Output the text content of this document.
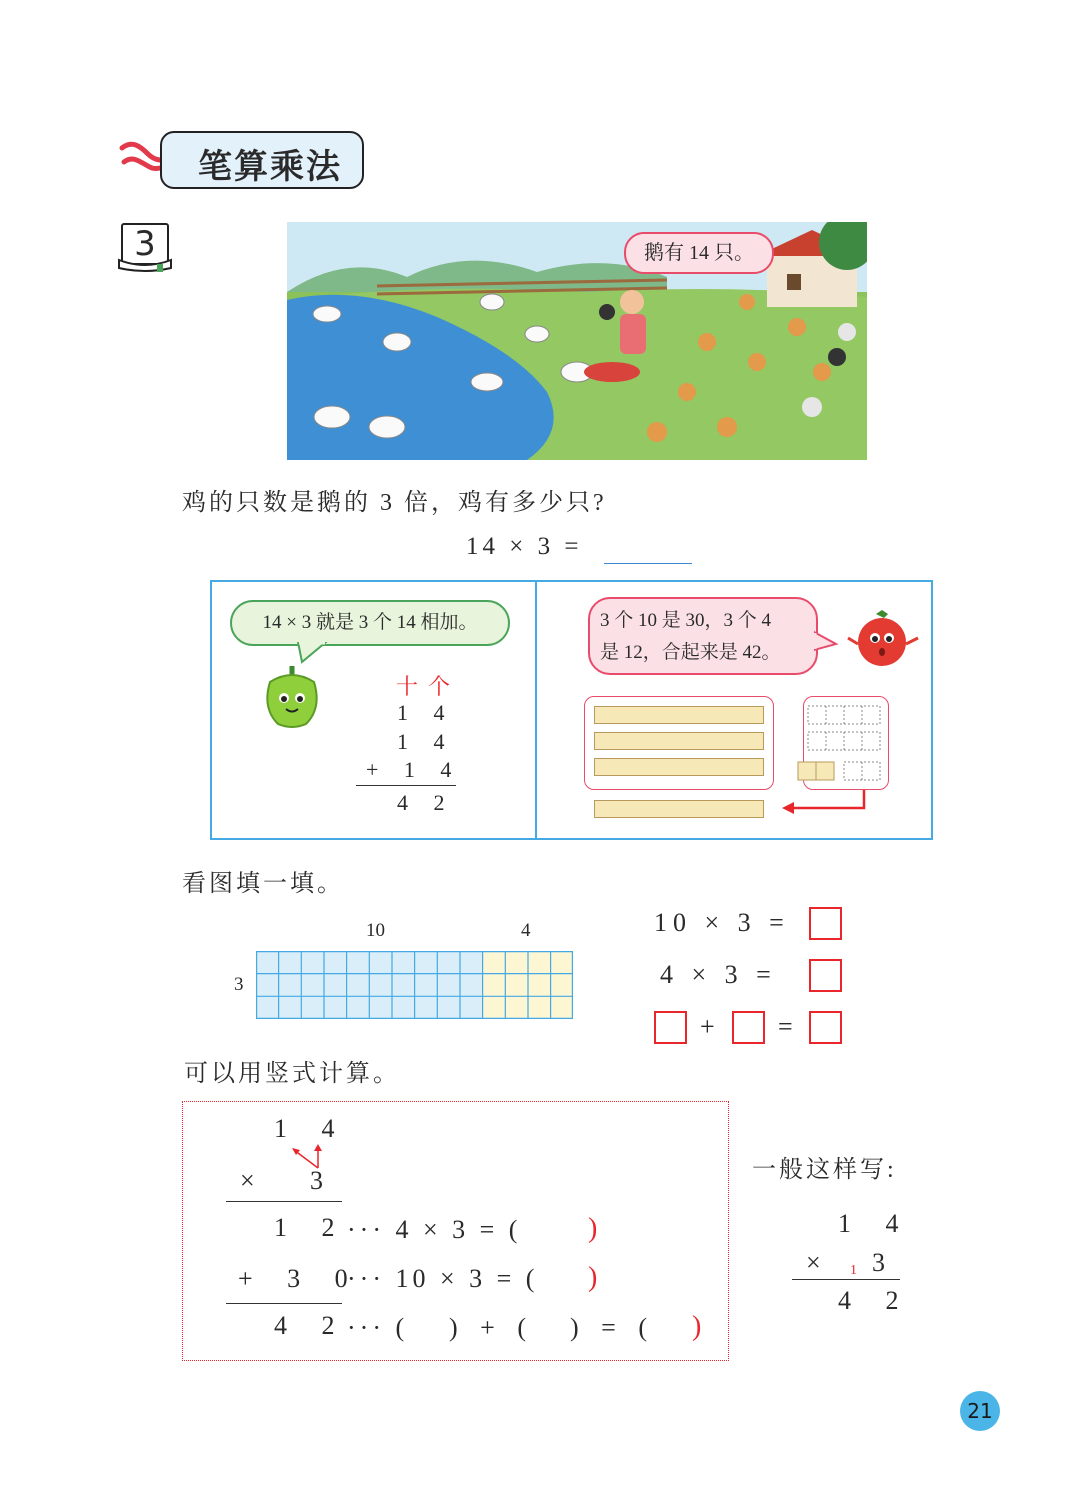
笔算乘法
3	鹅有 14 只。
鸡的只数是鹅的 3 倍，鸡有多少只?
14 × 3 =
14 × 3 就是 3 个 14 相加。
十 个
1 4
1 4
+ 1 4
4 2
3 个 10 是 30，3 个 4
是 12，合起来是 42。
看图填一填。
10	4
3
10 × 3 =
4 × 3 =
+ =
可以用竖式计算。
1 4
× 3
1 2
+ 3 0
4 2
··· 4 × 3 = ( )
··· 10 × 3 = ( )
··· ( ) + ( ) = ( )
一般这样写:
1 4
× 1 3
4 2
21
